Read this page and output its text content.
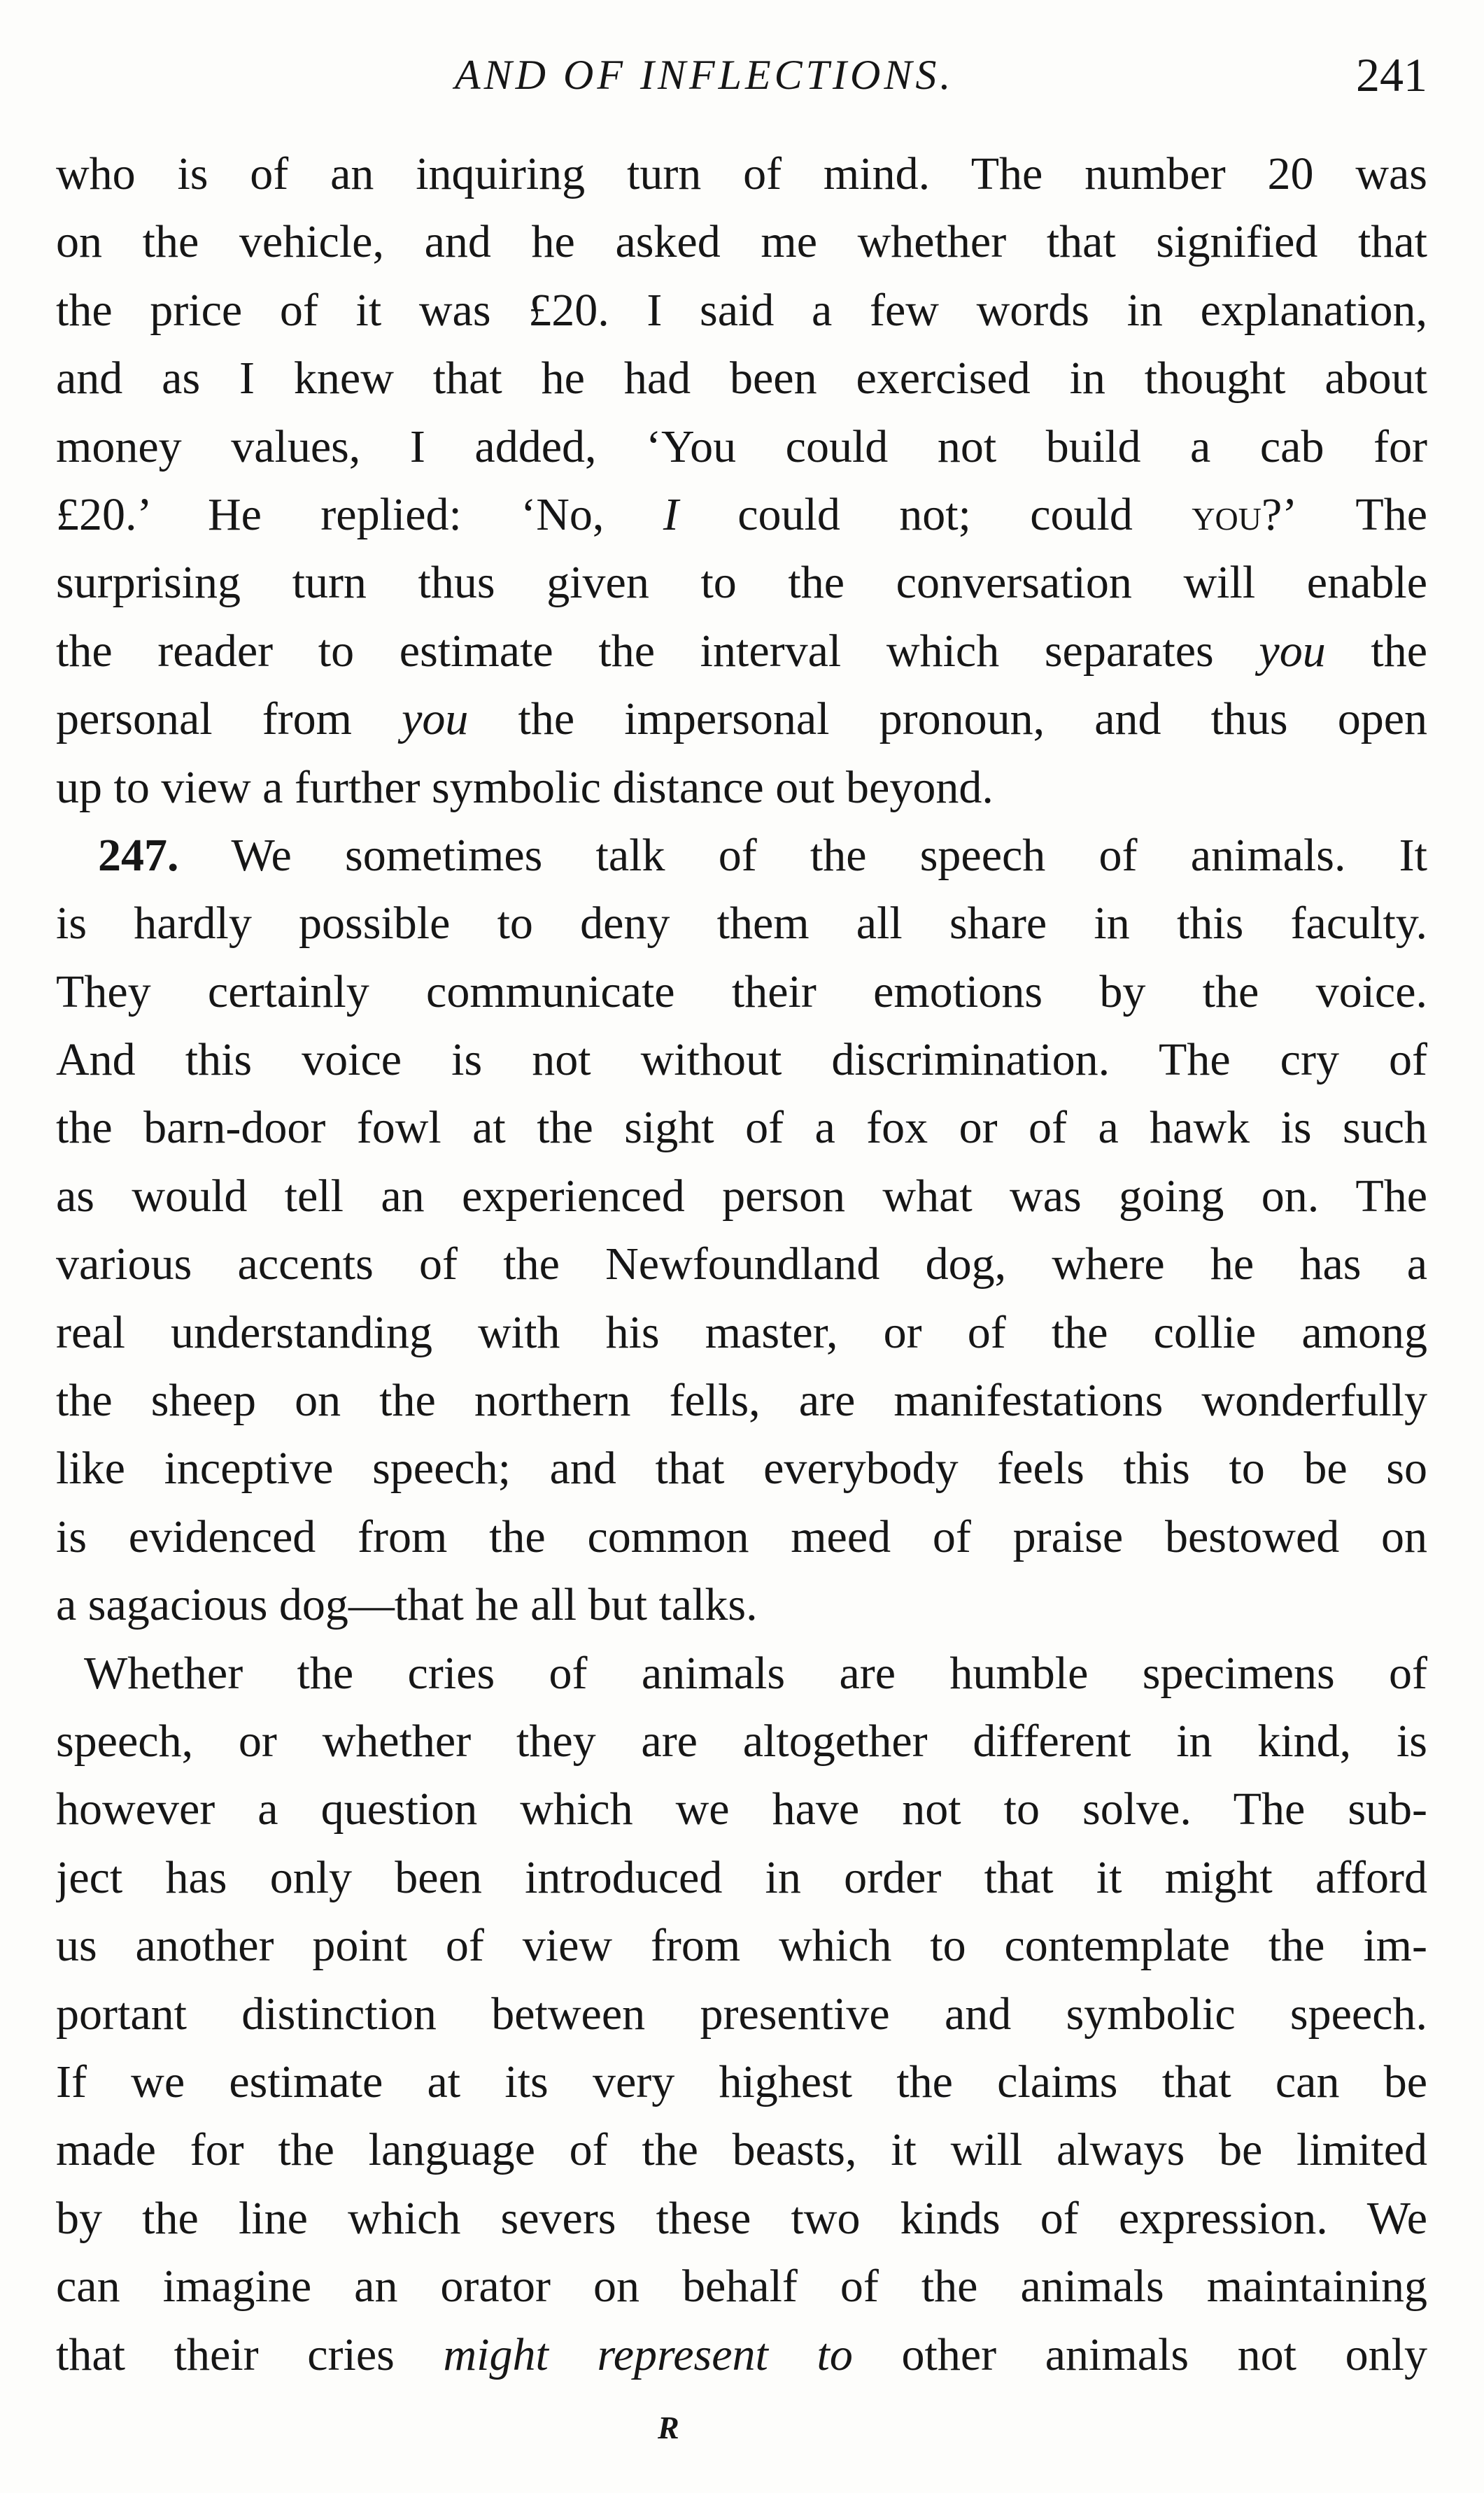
AND OF INFLECTIONS.	241
who is of an inquiring turn of mind. The number 20 was
on the vehicle, and he asked me whether that signified that
the price of it was £20. I said a few words in explanation,
and as I knew that he had been exercised in thought about
money values, I added, ‘You could not build a cab for
£20.’ He replied: ‘No, I could not; could you?’ The
surprising turn thus given to the conversation will enable
the reader to estimate the interval which separates you the
personal from you the impersonal pronoun, and thus open
up to view a further symbolic distance out beyond.
247. We sometimes talk of the speech of animals. It
is hardly possible to deny them all share in this faculty.
They certainly communicate their emotions by the voice.
And this voice is not without discrimination. The cry of
the barn-door fowl at the sight of a fox or of a hawk is such
as would tell an experienced person what was going on. The
various accents of the Newfoundland dog, where he has a
real understanding with his master, or of the collie among
the sheep on the northern fells, are manifestations wonderfully
like inceptive speech; and that everybody feels this to be so
is evidenced from the common meed of praise bestowed on
a sagacious dog—that he all but talks.
Whether the cries of animals are humble specimens of
speech, or whether they are altogether different in kind, is
however a question which we have not to solve. The sub-
ject has only been introduced in order that it might afford
us another point of view from which to contemplate the im-
portant distinction between presentive and symbolic speech.
If we estimate at its very highest the claims that can be
made for the language of the beasts, it will always be limited
by the line which severs these two kinds of expression. We
can imagine an orator on behalf of the animals maintaining
that their cries might represent to other animals not only
R
